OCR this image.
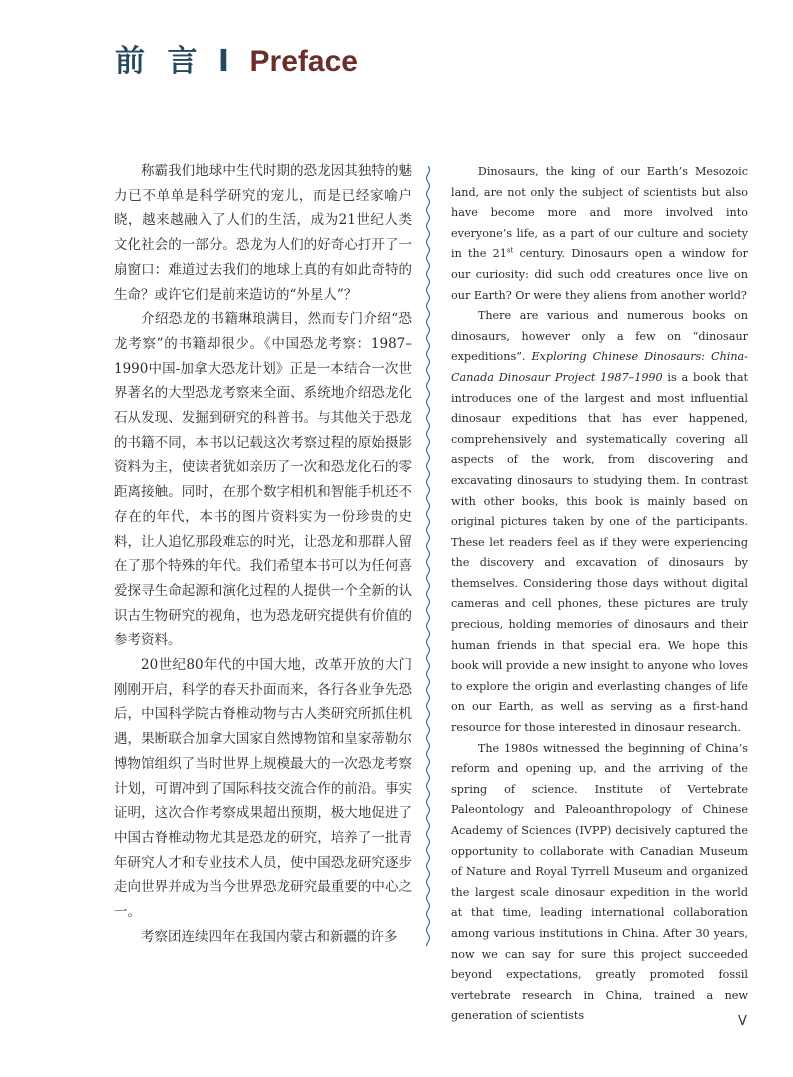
前 言 I Preface

称霸我们地球中生代时期的恐龙因其独特的魅力已不单单是科学研究的宠儿，而是已经家喻户晓，越来越融入了人们的生活，成为21世纪人类文化社会的一部分。恐龙为人们的好奇心打开了一扇窗口：难道过去我们的地球上真的有如此奇特的生命？或许它们是前来造访的“外星人”？

介绍恐龙的书籍琳琅满目，然而专门介绍“恐龙考察”的书籍却很少。《中国恐龙考察：1987–1990中国-加拿大恐龙计划》正是一本结合一次世界著名的大型恐龙考察来全面、系统地介绍恐龙化石从发现、发掘到研究的科普书。与其他关于恐龙的书籍不同，本书以记载这次考察过程的原始摄影资料为主，使读者犹如亲历了一次和恐龙化石的零距离接触。同时，在那个数字相机和智能手机还不存在的年代，本书的图片资料实为一份珍贵的史料，让人追忆那段难忘的时光，让恐龙和那群人留在了那个特殊的年代。我们希望本书可以为任何喜爱探寻生命起源和演化过程的人提供一个全新的认识古生物研究的视角，也为恐龙研究提供有价值的参考资料。

20世纪80年代的中国大地，改革开放的大门刚刚开启，科学的春天扑面而来，各行各业争先恐后，中国科学院古脊椎动物与古人类研究所抓住机遇，果断联合加拿大国家自然博物馆和皇家蒂勒尔博物馆组织了当时世界上规模最大的一次恐龙考察计划，可谓冲到了国际科技交流合作的前沿。事实证明，这次合作考察成果超出预期，极大地促进了中国古脊椎动物尤其是恐龙的研究，培养了一批青年研究人才和专业技术人员，使中国恐龙研究逐步走向世界并成为当今世界恐龙研究最重要的中心之一。

考察团连续四年在我国内蒙古和新疆的许多

Dinosaurs, the king of our Earth’s Mesozoic land, are not only the subject of scientists but also have become more and more involved into everyone’s life, as a part of our culture and society in the 21st century. Dinosaurs open a window for our curiosity: did such odd creatures once live on our Earth? Or were they aliens from another world?

There are various and numerous books on dinosaurs, however only a few on “dinosaur expeditions”. Exploring Chinese Dinosaurs: China-Canada Dinosaur Project 1987–1990 is a book that introduces one of the largest and most influential dinosaur expeditions that has ever happened, comprehensively and systematically covering all aspects of the work, from discovering and excavating dinosaurs to studying them. In contrast with other books, this book is mainly based on original pictures taken by one of the participants. These let readers feel as if they were experiencing the discovery and excavation of dinosaurs by themselves. Considering those days without digital cameras and cell phones, these pictures are truly precious, holding memories of dinosaurs and their human friends in that special era. We hope this book will provide a new insight to anyone who loves to explore the origin and everlasting changes of life on our Earth, as well as serving as a first-hand resource for those interested in dinosaur research.

The 1980s witnessed the beginning of China’s reform and opening up, and the arriving of the spring of science. Institute of Vertebrate Paleontology and Paleoanthropology of Chinese Academy of Sciences (IVPP) decisively captured the opportunity to collaborate with Canadian Museum of Nature and Royal Tyrrell Museum and organized the largest scale dinosaur expedition in the world at that time, leading international collaboration among various institutions in China. After 30 years, now we can say for sure this project succeeded beyond expectations, greatly promoted fossil vertebrate research in China, trained a new generation of scientists	V
